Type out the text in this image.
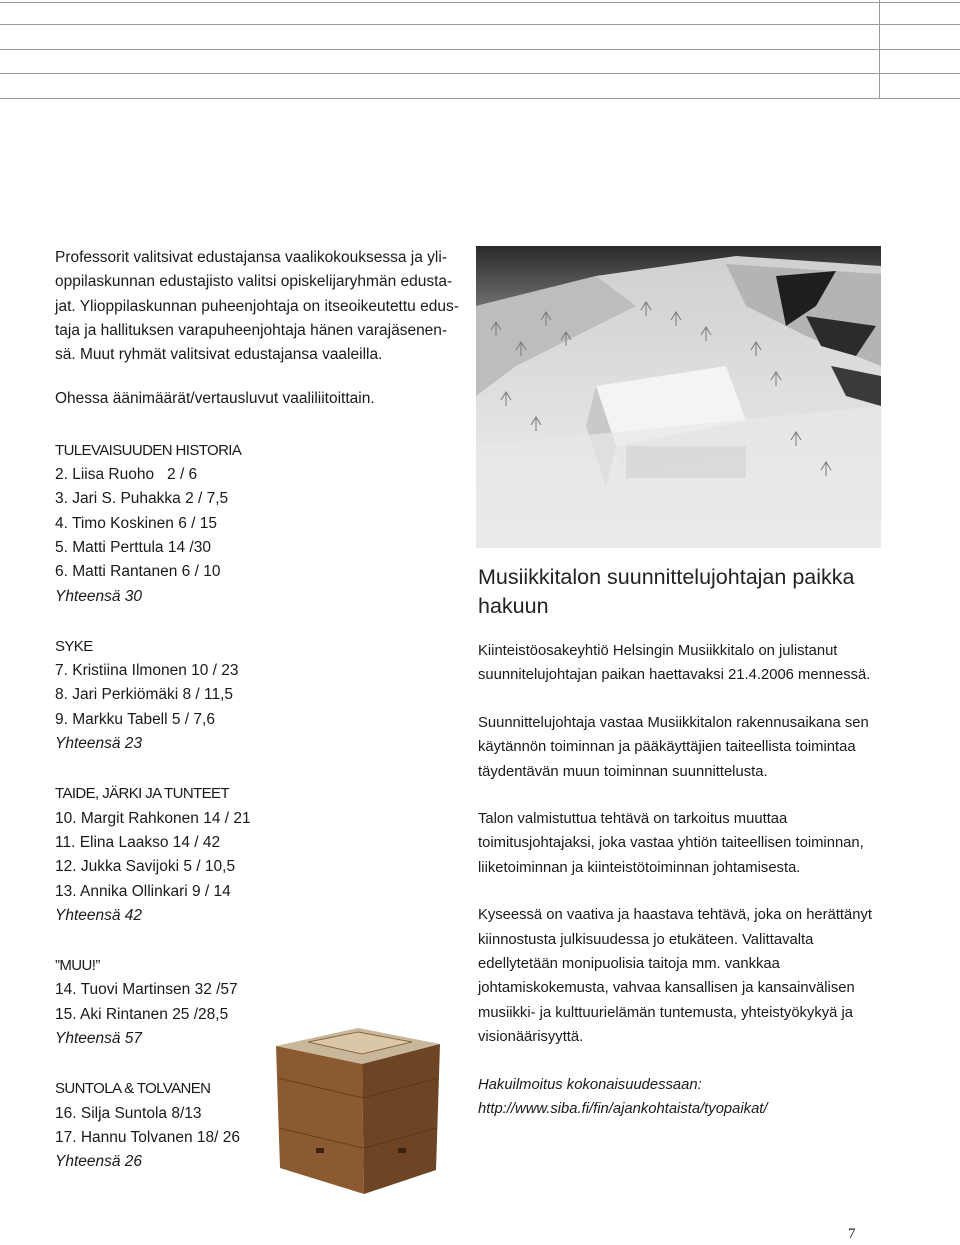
Professorit valitsivat edustajansa vaalikokouksessa ja yli-

oppilaskunnan edustajisto valitsi opiskelijaryhmän edusta-

jat. Ylioppilaskunnan puheenjohtaja on itseoikeutettu edus-

taja ja hallituksen varapuheenjohtaja hänen varajäsenen-

sä. Muut ryhmät valitsivat edustajansa vaaleilla.

Ohessa äänimäärät/vertausluvut vaaliliitoittain.

TULEVAISUUDEN HISTORIA
2. Liisa Ruoho   2 / 6
3. Jari S. Puhakka 2 / 7,5
4. Timo Koskinen 6 / 15
5. Matti Perttula 14 /30
6. Matti Rantanen 6 / 10
Yhteensä 30
SYKE
7. Kristiina Ilmonen 10 / 23
8. Jari Perkiömäki 8 / 11,5
9. Markku Tabell 5 / 7,6
Yhteensä 23
TAIDE, JÄRKI JA TUNTEET
10. Margit Rahkonen 14 / 21
11. Elina Laakso 14 / 42
12. Jukka Savijoki 5 / 10,5
13. Annika Ollinkari 9 / 14
Yhteensä 42
”MUU!”
14. Tuovi Martinsen 32 /57
15. Aki Rintanen 25 /28,5
Yhteensä 57
SUNTOLA & TOLVANEN
16. Silja Suntola 8/13
17. Hannu Tolvanen 18/ 26
Yhteensä 26
Musiikkitalon suunnittelujohtajan paikka hakuun

Kiinteistöosakeyhtiö Helsingin Musiikkitalo on julistanut suunnitelujohtajan paikan haettavaksi 21.4.2006 mennessä.

Suunnittelujohtaja vastaa Musiikkitalon rakennusaikana sen käytännön toiminnan ja pääkäyttäjien taiteellista toimintaa täydentävän muun toiminnan suunnittelusta.

Talon valmistuttua tehtävä on tarkoitus muuttaa toimitusjohtajaksi, joka vastaa yhtiön taiteellisen toiminnan, liiketoiminnan ja kiinteistötoiminnan johtamisesta.

Kyseessä on vaativa ja haastava tehtävä, joka on herättänyt kiinnostusta julkisuudessa jo etukäteen. Valittavalta edellytetään monipuolisia taitoja mm. vankkaa johtamiskokemusta, vahvaa kansallisen ja kansainvälisen musiikki- ja kulttuurielämän tuntemusta, yhteistyökykyä ja visionäärisyyttä.

Hakuilmoitus kokonaisuudessaan: http://www.siba.fi/fin/ajankohtaista/tyopaikat/

7
